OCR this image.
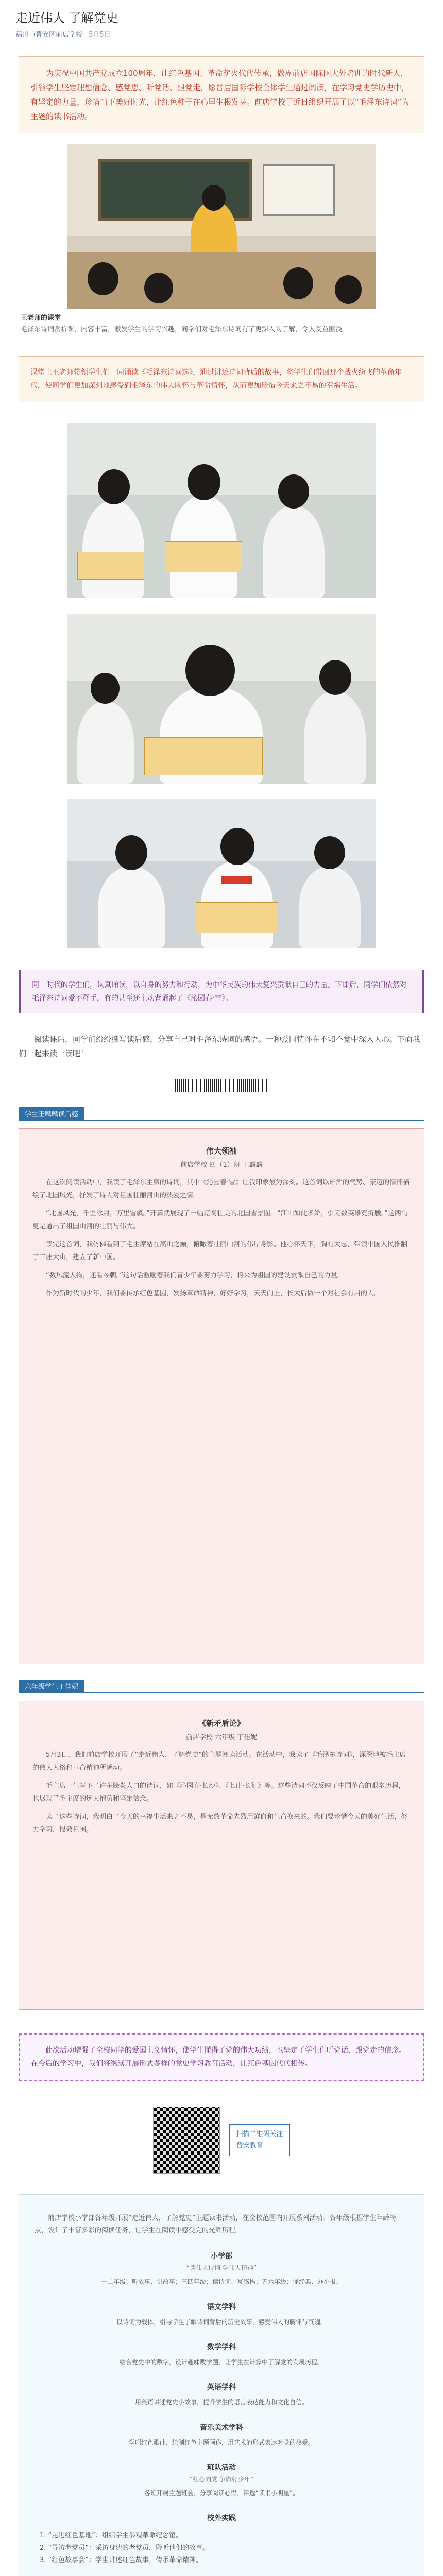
走近伟人 了解党史
福州市晋安区前店学校 5月5日
为庆祝中国共产党成立100周年，让红色基因、革命薪火代代传承，做界前店国际国大外培训的时代新人，引领学生坚定理想信念、感党恩、听党话、跟党走，愿晋店国际学校全体学生通过阅读，在学习党史学历史中，有坚定的力量，珍惜当下美好时光，让红色种子在心里生根发芽。前店学校于近日组织开展了以“毛泽东诗词”为主题的读书活动。
王老师的课堂
毛泽东诗词赏析课，内容丰富，激发学生的学习兴趣，同学们对毛泽东诗词有了更深入的了解，令人受益匪浅。
课堂上王老师带领学生们一同诵读《毛泽东诗词选》，通过讲述诗词背后的故事，将学生们带回那个战火纷飞的革命年代，使同学们更加深刻地感受到毛泽东的伟大胸怀与革命情怀，从而更加珍惜今天来之不易的幸福生活。
同一时代的学生们，认真诵读，以自身的努力和行动，为中华民族的伟大复兴贡献自己的力量。下课后，同学们依然对毛泽东诗词爱不释手，有的甚至还主动背诵起了《沁园春·雪》。
阅读课后，同学们纷纷撰写读后感，分享自己对毛泽东诗词的感悟。一种爱国情怀在不知不觉中深入人心。下面我们一起来读一读吧！
学生王麟麟读后感
伟大领袖
前店学校 四（1）班 王麟麟

在这次阅读活动中，我读了毛泽东主席的诗词，其中《沁园春·雪》让我印象最为深刻。这首词以雄浑的气势、豪迈的情怀描绘了北国风光，抒发了诗人对祖国壮丽河山的热爱之情。

“北国风光，千里冰封，万里雪飘。”开篇就展现了一幅辽阔壮美的北国雪景图。“江山如此多娇，引无数英雄竞折腰。”这两句更是道出了祖国山河的壮丽与伟大。

读完这首词，我仿佛看到了毛主席站在高山之巅，俯瞰着壮丽山河的伟岸身影。他心怀天下，胸有大志，带领中国人民推翻了三座大山，建立了新中国。

“数风流人物，还看今朝。”这句话激励着我们青少年要努力学习，将来为祖国的建设贡献自己的力量。

作为新时代的少年，我们要传承红色基因，发扬革命精神，好好学习，天天向上，长大后做一个对社会有用的人。

六年级学生丁佳妮
《新矛盾论》
前店学校 六年级 丁佳妮

5月3日，我们前店学校开展了“走近伟人，了解党史”的主题阅读活动。在活动中，我读了《毛泽东诗词》，深深地被毛主席的伟大人格和革命精神所感动。

毛主席一生写下了许多脍炙人口的诗词，如《沁园春·长沙》、《七律·长征》等。这些诗词不仅反映了中国革命的艰辛历程，也展现了毛主席的远大抱负和坚定信念。

读了这些诗词，我明白了今天的幸福生活来之不易，是无数革命先烈用鲜血和生命换来的。我们要珍惜今天的美好生活，努力学习，报效祖国。

此次活动增强了全校同学的爱国主义情怀，使学生懂得了党的伟大功绩，也坚定了学生们听党话、跟党走的信念。在今后的学习中，我们将继续开展形式多样的党史学习教育活动，让红色基因代代相传。
扫描二维码关注
晋安教育

前店学校小学部各年级开展“走近伟人，了解党史”主题读书活动，在全校范围内开展系列活动。各年级根据学生年龄特点，设计了丰富多彩的阅读任务，让学生在阅读中感受党的光辉历程。

小学部
“读伟人诗词 学伟人精神”
一二年级：听故事、讲故事；三四年级：读诗词、写感悟；五六年级：诵经典、办小报。
语文学科
以诗词为载体，引导学生了解诗词背后的历史故事，感受伟人的胸怀与气魄。
数学学科
结合党史中的数字，设计趣味数学题，让学生在计算中了解党的发展历程。
英语学科
用英语讲述党史小故事，提升学生的语言表达能力和文化自信。
音乐美术学科
学唱红色歌曲，绘制红色主题画作，用艺术的形式表达对党的热爱。
班队活动
“红心向党 争做好少年”
各班开展主题班会，分享阅读心得，评选“读书小明星”。
校外实践
1. “走进红色基地”：组织学生参观革命纪念馆。
2. “寻访老党员”：采访身边的老党员，聆听他们的故事。
3. “红色故事会”：学生讲述红色故事，传承革命精神。
